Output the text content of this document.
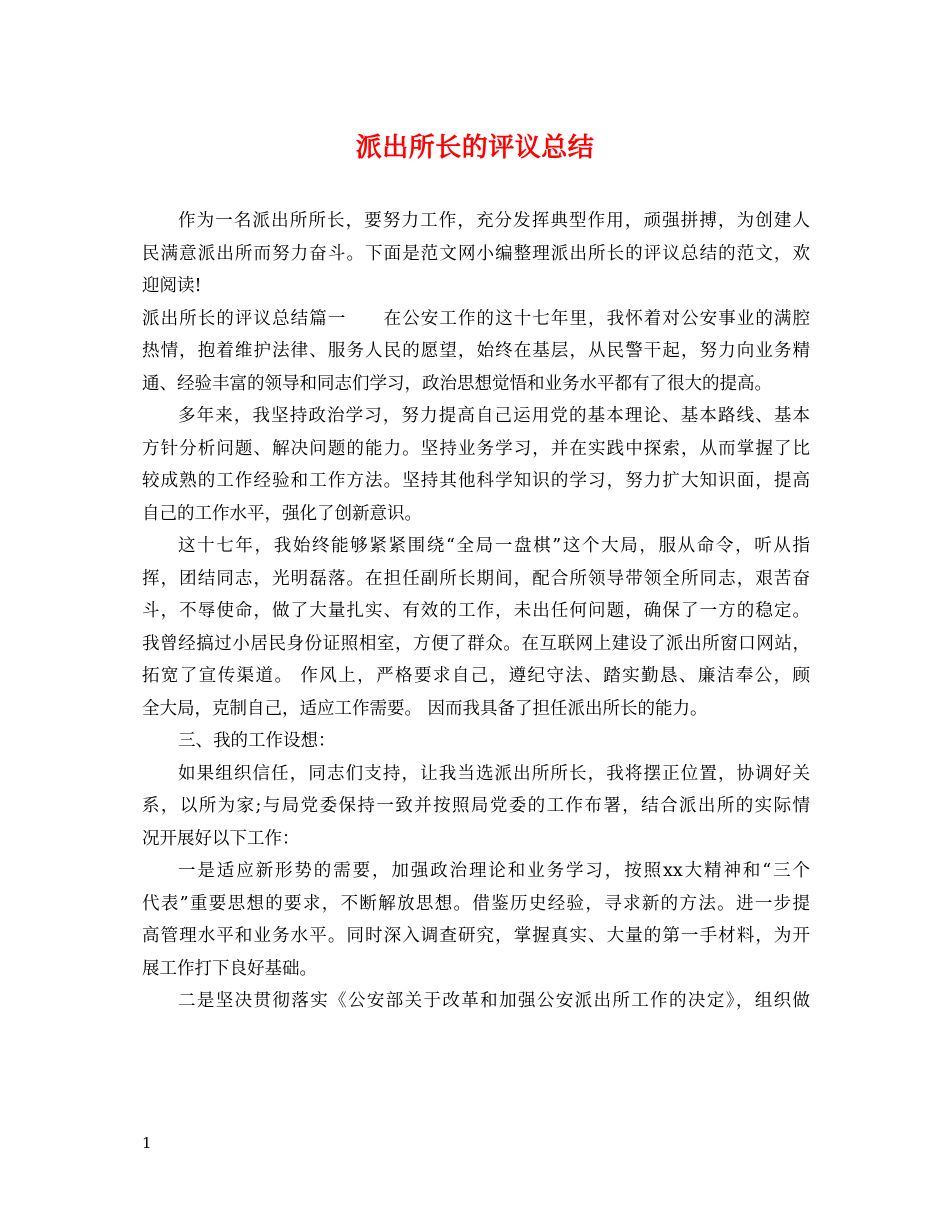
派出所长的评议总结
作为一名派出所所长，要努力工作，充分发挥典型作用，顽强拼搏，为创建人
民满意派出所而努力奋斗。下面是范文网小编整理派出所长的评议总结的范文，欢
迎阅读!
派出所长的评议总结篇一　　在公安工作的这十七年里，我怀着对公安事业的满腔
热情，抱着维护法律、服务人民的愿望，始终在基层，从民警干起，努力向业务精
通、经验丰富的领导和同志们学习，政治思想觉悟和业务水平都有了很大的提高。
多年来，我坚持政治学习，努力提高自己运用党的基本理论、基本路线、基本
方针分析问题、解决问题的能力。坚持业务学习，并在实践中探索，从而掌握了比
较成熟的工作经验和工作方法。坚持其他科学知识的学习，努力扩大知识面，提高
自己的工作水平，强化了创新意识。
这十七年，我始终能够紧紧围绕“全局一盘棋”这个大局，服从命令，听从指
挥，团结同志，光明磊落。在担任副所长期间，配合所领导带领全所同志，艰苦奋
斗，不辱使命，做了大量扎实、有效的工作，未出任何问题，确保了一方的稳定。
我曾经搞过小居民身份证照相室，方便了群众。在互联网上建设了派出所窗口网站，
拓宽了宣传渠道。 作风上，严格要求自己，遵纪守法、踏实勤恳、廉洁奉公，顾
全大局，克制自己，适应工作需要。 因而我具备了担任派出所长的能力。
三、我的工作设想：
如果组织信任，同志们支持，让我当选派出所所长，我将摆正位置，协调好关
系，以所为家;与局党委保持一致并按照局党委的工作布署，结合派出所的实际情
况开展好以下工作：
一是适应新形势的需要，加强政治理论和业务学习，按照xx大精神和“三个
代表”重要思想的要求，不断解放思想。借鉴历史经验，寻求新的方法。进一步提
高管理水平和业务水平。同时深入调查研究，掌握真实、大量的第一手材料，为开
展工作打下良好基础。
二是坚决贯彻落实《公安部关于改革和加强公安派出所工作的决定》，组织做
1
